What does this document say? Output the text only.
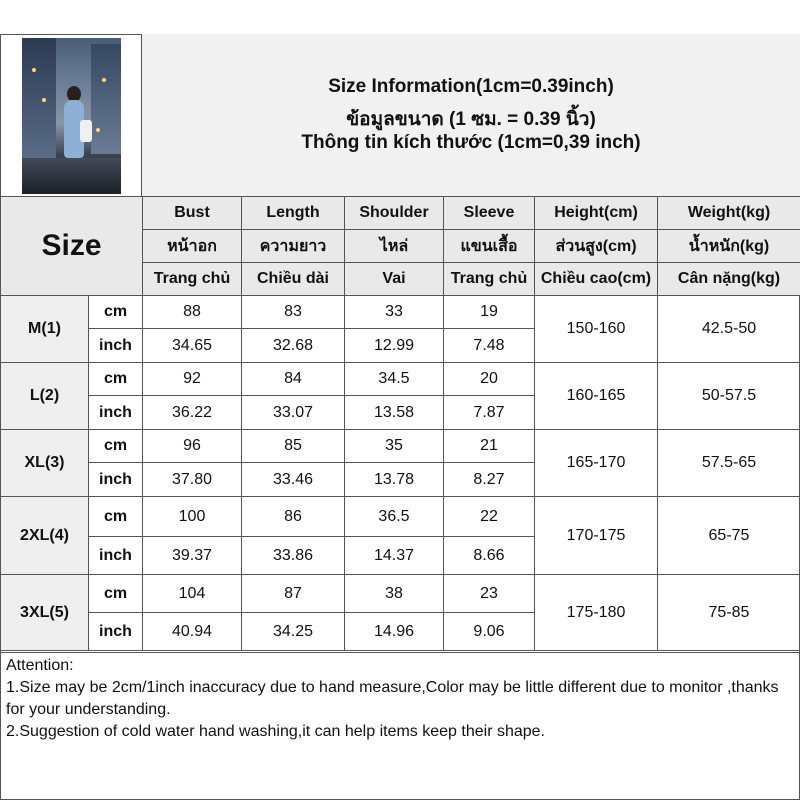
Size Information(1cm=0.39inch)
ข้อมูลขนาด (1 ซม. = 0.39 นิ้ว)
Thông tin kích thước (1cm=0,39 inch)
Size		Bust	Length	Shoulder	Sleeve	Height(cm)	Weight(kg)
		หน้าอก	ความยาว	ไหล่	แขนเสื้อ	ส่วนสูง(cm)	น้ำหนัก(kg)
		Trang chủ	Chiều dài	Vai	Trang chủ	Chiều cao(cm)	Cân nặng(kg)
M(1)	cm	88	83	33	19	150-160	42.5-50
	inch	34.65	32.68	12.99	7.48		
L(2)	cm	92	84	34.5	20	160-165	50-57.5
	inch	36.22	33.07	13.58	7.87		
XL(3)	cm	96	85	35	21	165-170	57.5-65
	inch	37.80	33.46	13.78	8.27		
2XL(4)	cm	100	86	36.5	22	170-175	65-75
	inch	39.37	33.86	14.37	8.66		
3XL(5)	cm	104	87	38	23	175-180	75-85
	inch	40.94	34.25	14.96	9.06		
Attention:
1.Size may be 2cm/1inch inaccuracy due to hand measure,Color may be little different due to monitor ,thanks for your understanding.
2.Suggestion of cold water hand washing,it can help items keep their shape.
